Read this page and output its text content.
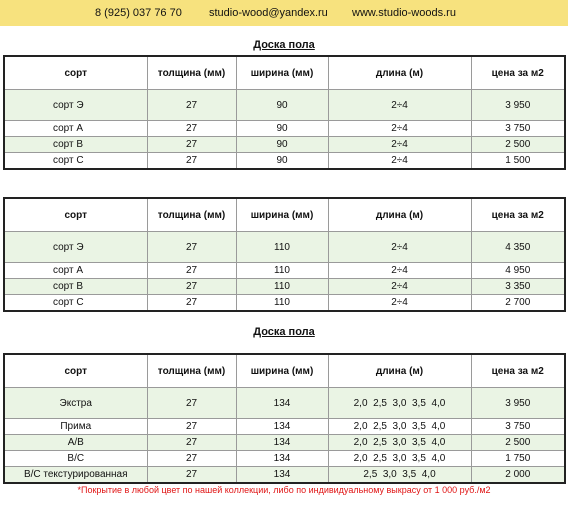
8 (925) 037 76 70 studio-wood@yandex.ru www.studio-woods.ru
Доска пола
сорт	толщина (мм)	ширина (мм)	длина (м)	цена за м2
сорт Э	27	90	2÷4	3 950
сорт А	27	90	2÷4	3 750
сорт В	27	90	2÷4	2 500
сорт С	27	90	2÷4	1 500
сорт	толщина (мм)	ширина (мм)	длина (м)	цена за м2
сорт Э	27	110	2÷4	4 350
сорт А	27	110	2÷4	4 950
сорт В	27	110	2÷4	3 350
сорт С	27	110	2÷4	2 700
Доска пола
сорт	толщина (мм)	ширина (мм)	длина (м)	цена за м2
Экстра	27	134	2,0  2,5  3,0  3,5  4,0	3 950
Прима	27	134	2,0  2,5  3,0  3,5  4,0	3 750
А/В	27	134	2,0  2,5  3,0  3,5  4,0	2 500
В/С	27	134	2,0  2,5  3,0  3,5  4,0	1 750
В/С текстурированная	27	134	2,5  3,0  3,5  4,0	2 000
*Покрытие в любой цвет по нашей коллекции, либо по индивидуальному выкрасу от 1 000 руб./м2
